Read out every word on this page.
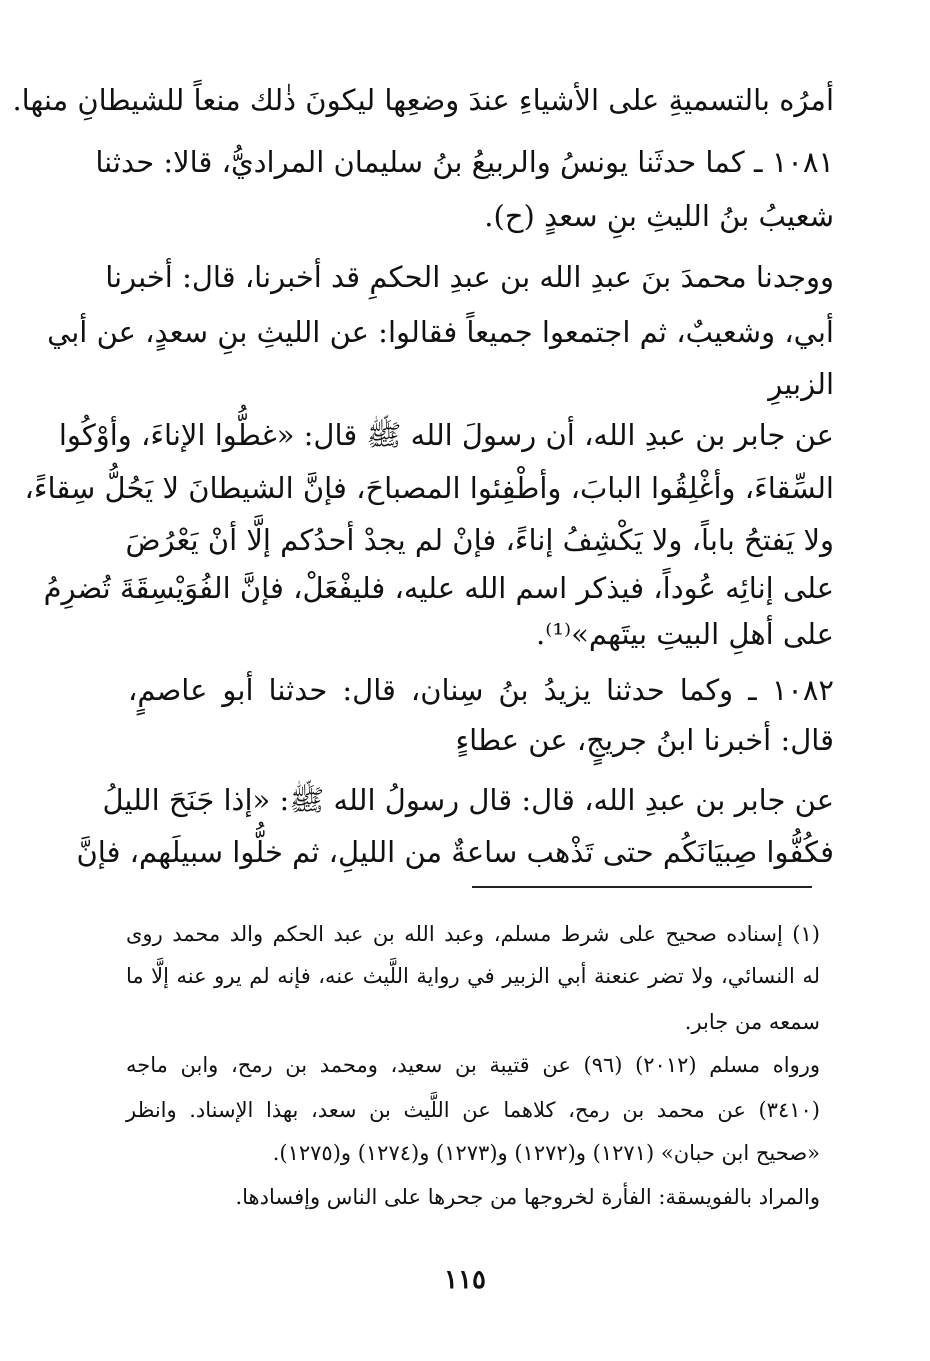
أمرُه بالتسميةِ على الأشياءِ عندَ وضعِها ليكونَ ذٰلك منعاً للشيطانِ منها.
١٠٨١ ـ كما حدثَنا يونسُ والربيعُ بنُ سليمان المراديُّ، قالا: حدثنا
شعيبُ بنُ الليثِ بنِ سعدٍ (ح).
ووجدنا محمدَ بنَ عبدِ الله بن عبدِ الحكمِ قد أخبرنا، قال: أخبرنا
أبي، وشعيبٌ، ثم اجتمعوا جميعاً فقالوا: عن الليثِ بنِ سعدٍ، عن أبي
الزبيرِ
عن جابر بن عبدِ الله، أن رسولَ الله ﷺ قال: «غطُّوا الإناءَ، وأوْكُوا
السِّقاءَ، وأغْلِقُوا البابَ، وأطْفِئوا المصباحَ، فإنَّ الشيطانَ لا يَحُلُّ سِقاءً،
ولا يَفتحُ باباً، ولا يَكْشِفُ إناءً، فإنْ لم يجدْ أحدُكم إلَّا أنْ يَعْرُضَ
على إنائِه عُوداً، فيذكر اسم الله عليه، فليفْعَلْ، فإنَّ الفُوَيْسِقَةَ تُضرِمُ
على أهلِ البيتِ بيتَهم»⁽¹⁾.
١٠٨٢ ـ وكما حدثنا يزيدُ بنُ سِنان، قال: حدثنا أبو عاصمٍ،
قال: أخبرنا ابنُ جريجٍ، عن عطاءٍ
عن جابر بن عبدِ الله، قال: قال رسولُ الله ﷺ: «إذا جَنَحَ الليلُ
فكُفُّوا صِبيَانَكُم حتى تَذْهب ساعةٌ من الليلِ، ثم خلُّوا سبيلَهم، فإنَّ
(١) إسناده صحيح على شرط مسلم، وعبد الله بن عبد الحكم والد محمد روى
له النسائي، ولا تضر عنعنة أبي الزبير في رواية اللَّيث عنه، فإنه لم يرو عنه إلَّا ما
سمعه من جابر.
ورواه مسلم (٢٠١٢) (٩٦) عن قتيبة بن سعيد، ومحمد بن رمح، وابن ماجه
(٣٤١٠) عن محمد بن رمح، كلاهما عن اللَّيث بن سعد، بهذا الإسناد. وانظر
«صحيح ابن حبان» (١٢٧١) و(١٢٧٢) و(١٢٧٣) و(١٢٧٤) و(١٢٧٥).
والمراد بالفويسقة: الفأرة لخروجها من جحرها على الناس وإفسادها.
١١٥
